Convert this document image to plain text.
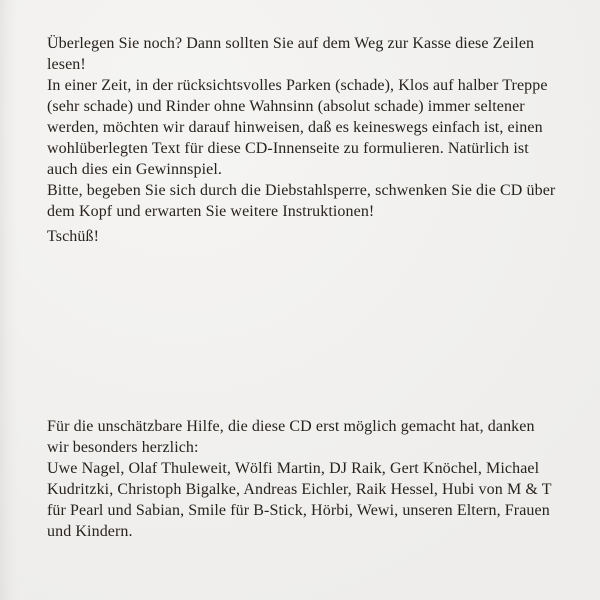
Überlegen Sie noch? Dann sollten Sie auf dem Weg zur Kasse diese Zeilen
lesen!
In einer Zeit, in der rücksichtsvolles Parken (schade), Klos auf halber Treppe
(sehr schade) und Rinder ohne Wahnsinn (absolut schade) immer seltener
werden, möchten wir darauf hinweisen, daß es keineswegs einfach ist, einen
wohlüberlegten Text für diese CD-Innenseite zu formulieren. Natürlich ist
auch dies ein Gewinnspiel.
Bitte, begeben Sie sich durch die Diebstahlsperre, schwenken Sie die CD über
dem Kopf und erwarten Sie weitere Instruktionen!
Tschüß!
Für die unschätzbare Hilfe, die diese CD erst möglich gemacht hat, danken
wir besonders herzlich:
Uwe Nagel, Olaf Thuleweit, Wölfi Martin, DJ Raik, Gert Knöchel, Michael
Kudritzki, Christoph Bigalke, Andreas Eichler, Raik Hessel, Hubi von M & T
für Pearl und Sabian, Smile für B-Stick, Hörbi, Wewi, unseren Eltern, Frauen
und Kindern.
